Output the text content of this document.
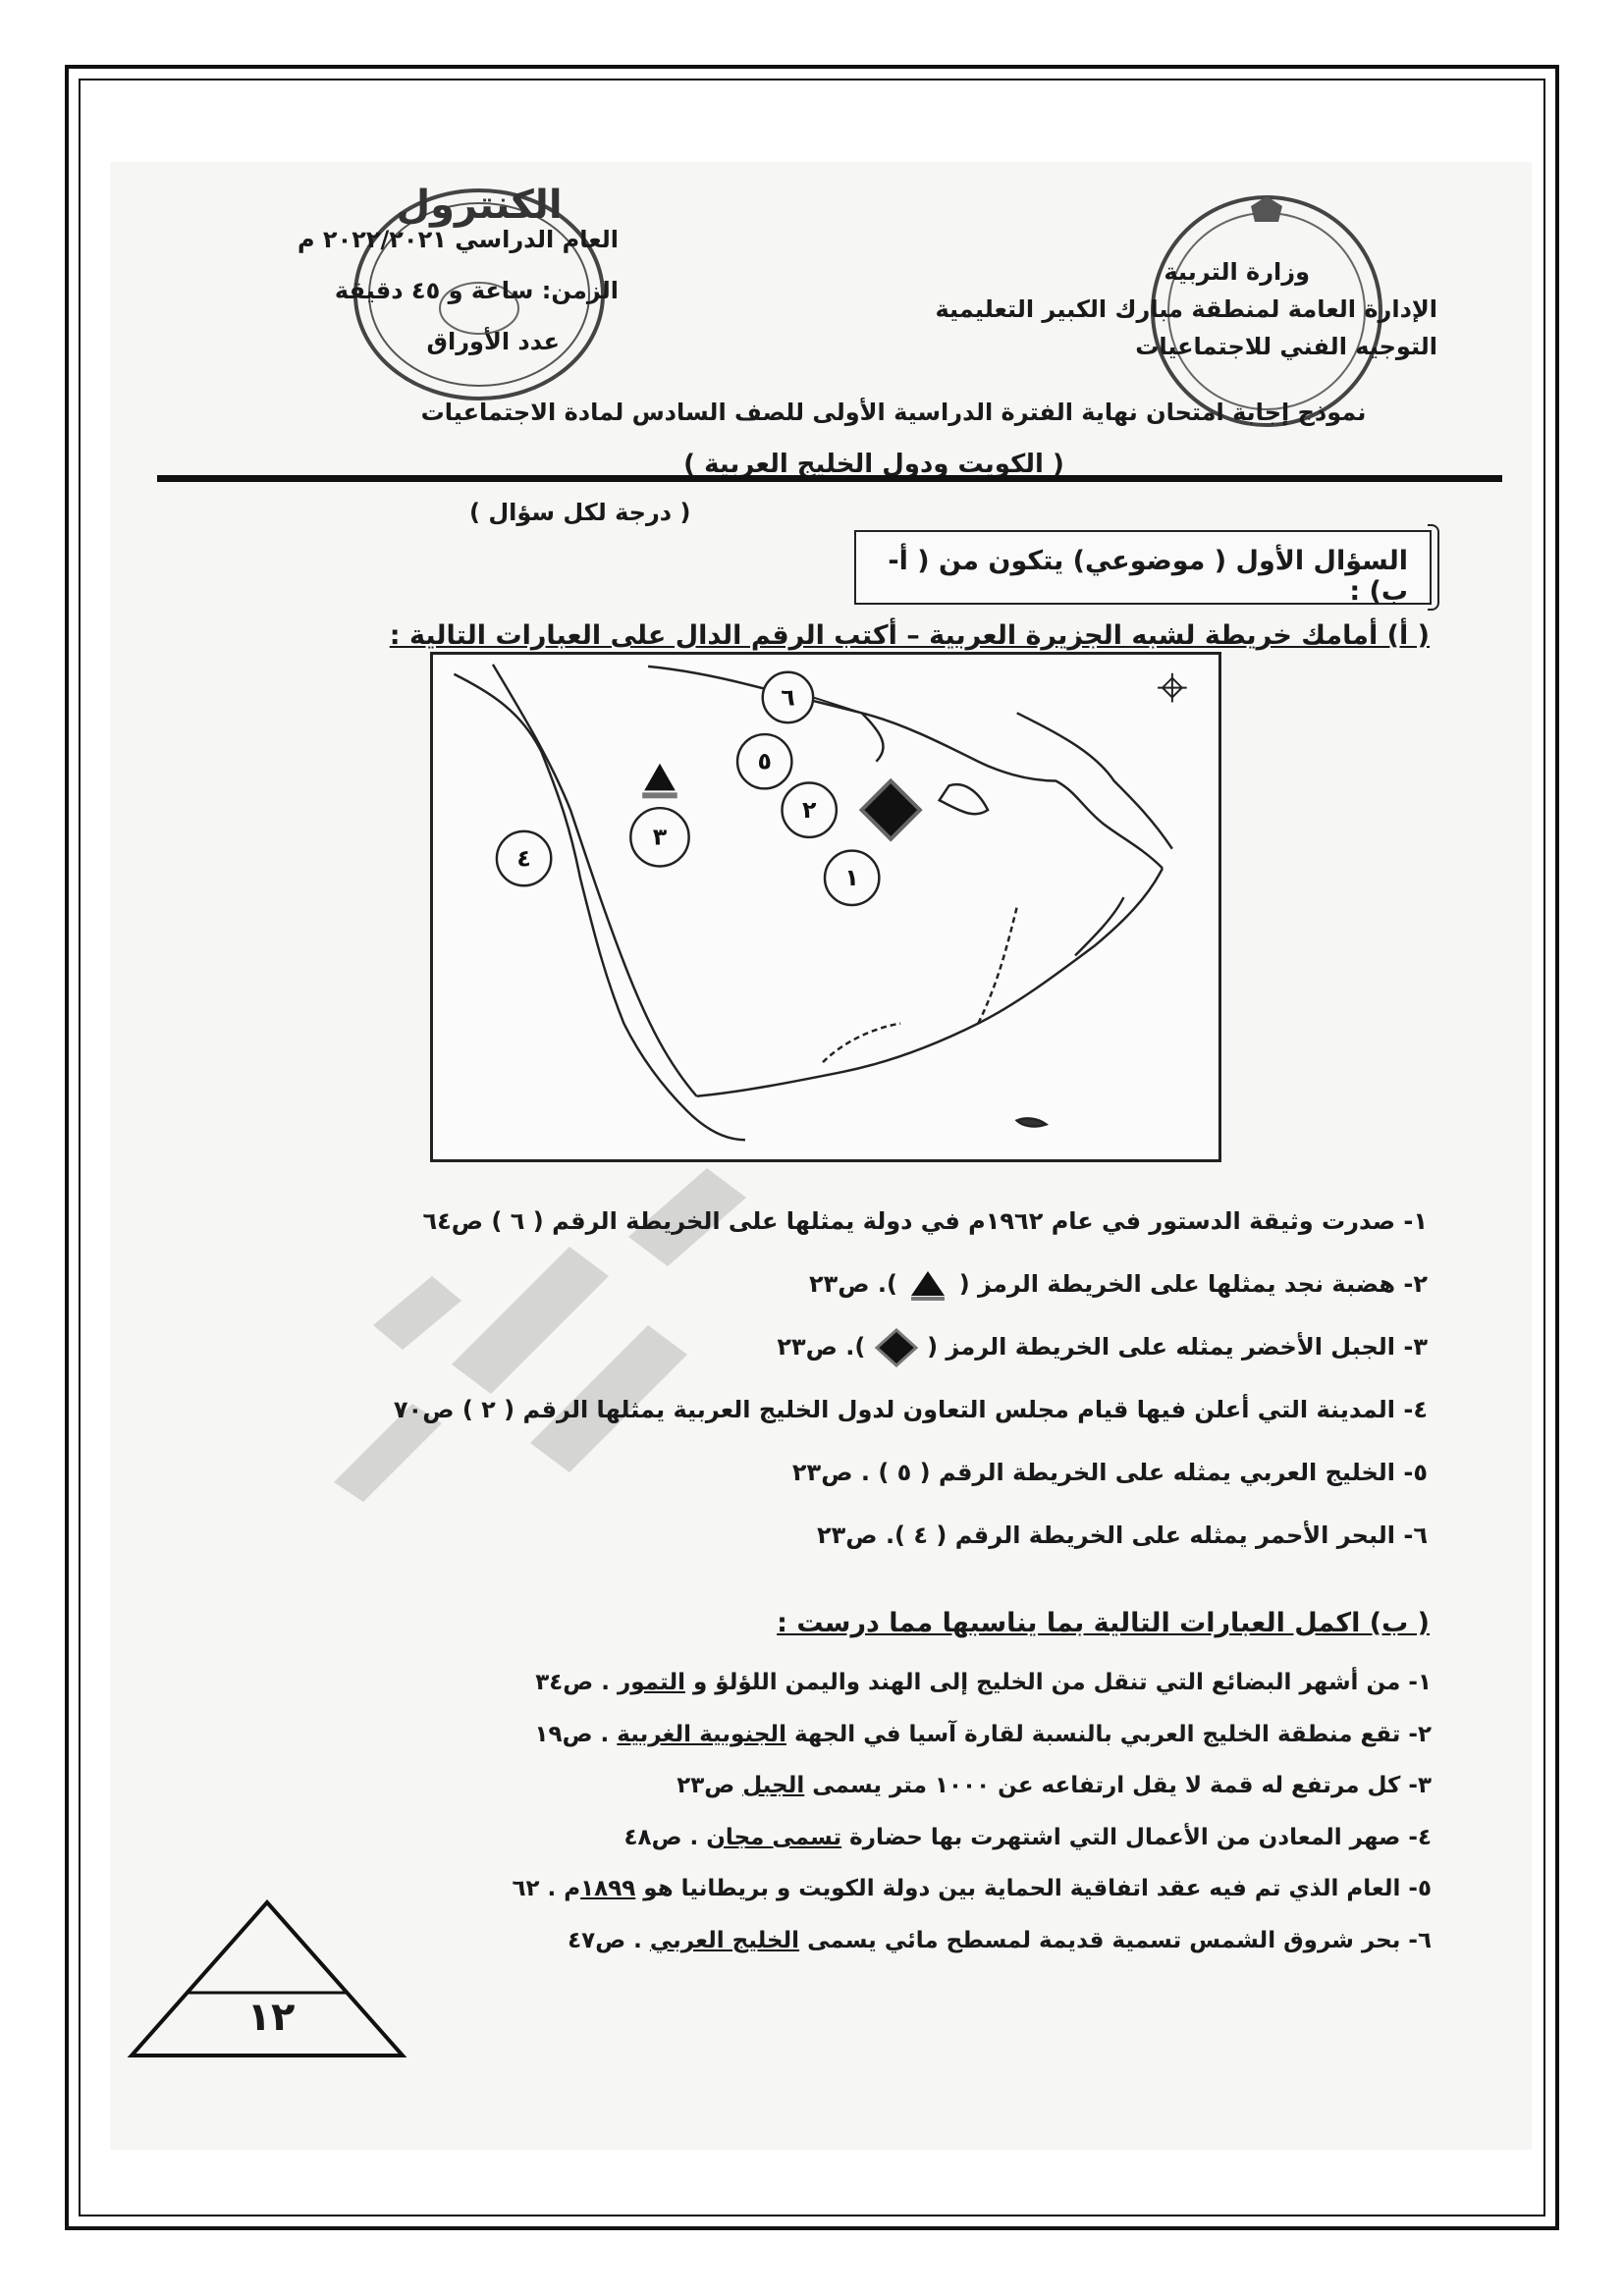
الكنترول
وزارة التربية
الإدارة العامة لمنطقة مبارك الكبير التعليمية
التوجيه الفني للاجتماعيات
العام الدراسي ٢٠٢٢/٢٠٢١ م
الزمن: ساعة و ٤٥ دقيقة
عدد الأوراق
نموذج إجابة امتحان نهاية الفترة الدراسية الأولى للصف السادس لمادة الاجتماعيات
( الكويت ودول الخليج العربية )
( درجة لكل سؤال )
السؤال الأول ( موضوعي) يتكون من ( أ- ب) :
( أ) أمامك خريطة لشبه الجزيرة العربية – أكتب الرقم الدال على العبارات التالية :
٦
٥
٢
٣
٤
١
١- صدرت وثيقة الدستور في عام ١٩٦٢م في دولة يمثلها على الخريطة الرقم ( ٦ ) ص٦٤
٢- هضبة نجد يمثلها على الخريطة الرمز (  ). ص٢٣
٣- الجبل الأخضر يمثله على الخريطة الرمز (  ). ص٢٣
٤- المدينة التي أعلن فيها قيام مجلس التعاون لدول الخليج العربية يمثلها الرقم ( ٢ ) ص٧٠
٥- الخليج العربي يمثله على الخريطة الرقم ( ٥ ) . ص٢٣
٦- البحر الأحمر يمثله على الخريطة الرقم ( ٤ ). ص٢٣
( ب) اكمل العبارات التالية بما يناسبها مما درست :
١- من أشهر البضائع التي تنقل من الخليج إلى الهند واليمن اللؤلؤ و التمور . ص٣٤
٢- تقع منطقة الخليج العربي بالنسبة لقارة آسيا في الجهة الجنوبية الغربية . ص١٩
٣- كل مرتفع له قمة لا يقل ارتفاعه عن ١٠٠٠ متر يسمى الجبل ص٢٣
٤- صهر المعادن من الأعمال التي اشتهرت بها حضارة تسمى مجان . ص٤٨
٥- العام الذي تم فيه عقد اتفاقية الحماية بين دولة الكويت و بريطانيا هو ١٨٩٩م . ٦٢
٦- بحر شروق الشمس تسمية قديمة لمسطح مائي يسمى الخليج العربي . ص٤٧
١٢
